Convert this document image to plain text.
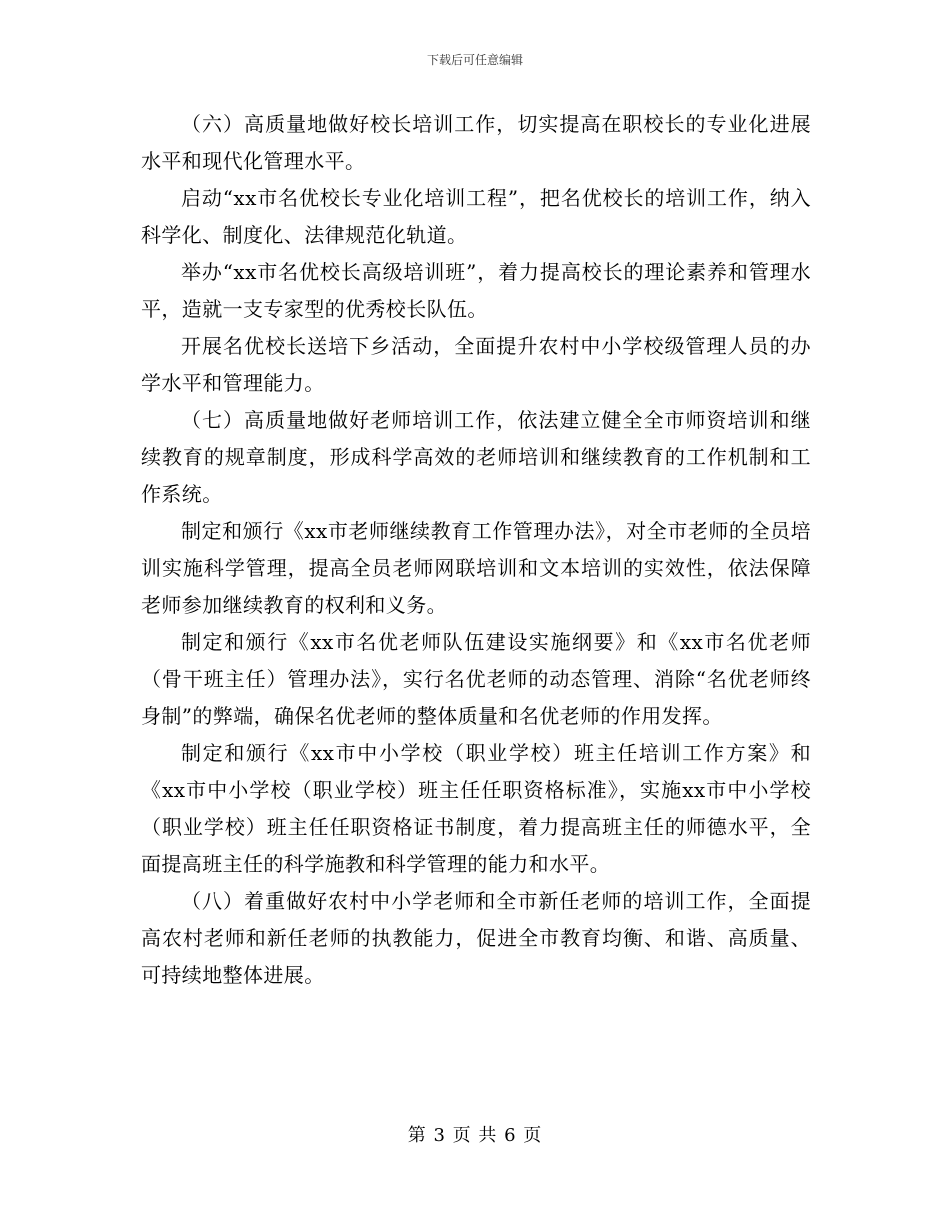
下载后可任意编辑

（六）高质量地做好校长培训工作，切实提高在职校长的专业化进展水平和现代化管理水平。

启动“xx市名优校长专业化培训工程”，把名优校长的培训工作，纳入科学化、制度化、法律规范化轨道。

举办“xx市名优校长高级培训班”，着力提高校长的理论素养和管理水平，造就一支专家型的优秀校长队伍。

开展名优校长送培下乡活动，全面提升农村中小学校级管理人员的办学水平和管理能力。

（七）高质量地做好老师培训工作，依法建立健全全市师资培训和继续教育的规章制度，形成科学高效的老师培训和继续教育的工作机制和工作系统。

制定和颁行《xx市老师继续教育工作管理办法》，对全市老师的全员培训实施科学管理，提高全员老师网联培训和文本培训的实效性，依法保障老师参加继续教育的权利和义务。

制定和颁行《xx市名优老师队伍建设实施纲要》和《xx市名优老师（骨干班主任）管理办法》，实行名优老师的动态管理、消除“名优老师终身制”的弊端，确保名优老师的整体质量和名优老师的作用发挥。

制定和颁行《xx市中小学校（职业学校）班主任培训工作方案》和《xx市中小学校（职业学校）班主任任职资格标准》，实施xx市中小学校（职业学校）班主任任职资格证书制度，着力提高班主任的师德水平，全面提高班主任的科学施教和科学管理的能力和水平。

（八）着重做好农村中小学老师和全市新任老师的培训工作，全面提高农村老师和新任老师的执教能力，促进全市教育均衡、和谐、高质量、可持续地整体进展。

第 3 页 共 6 页
